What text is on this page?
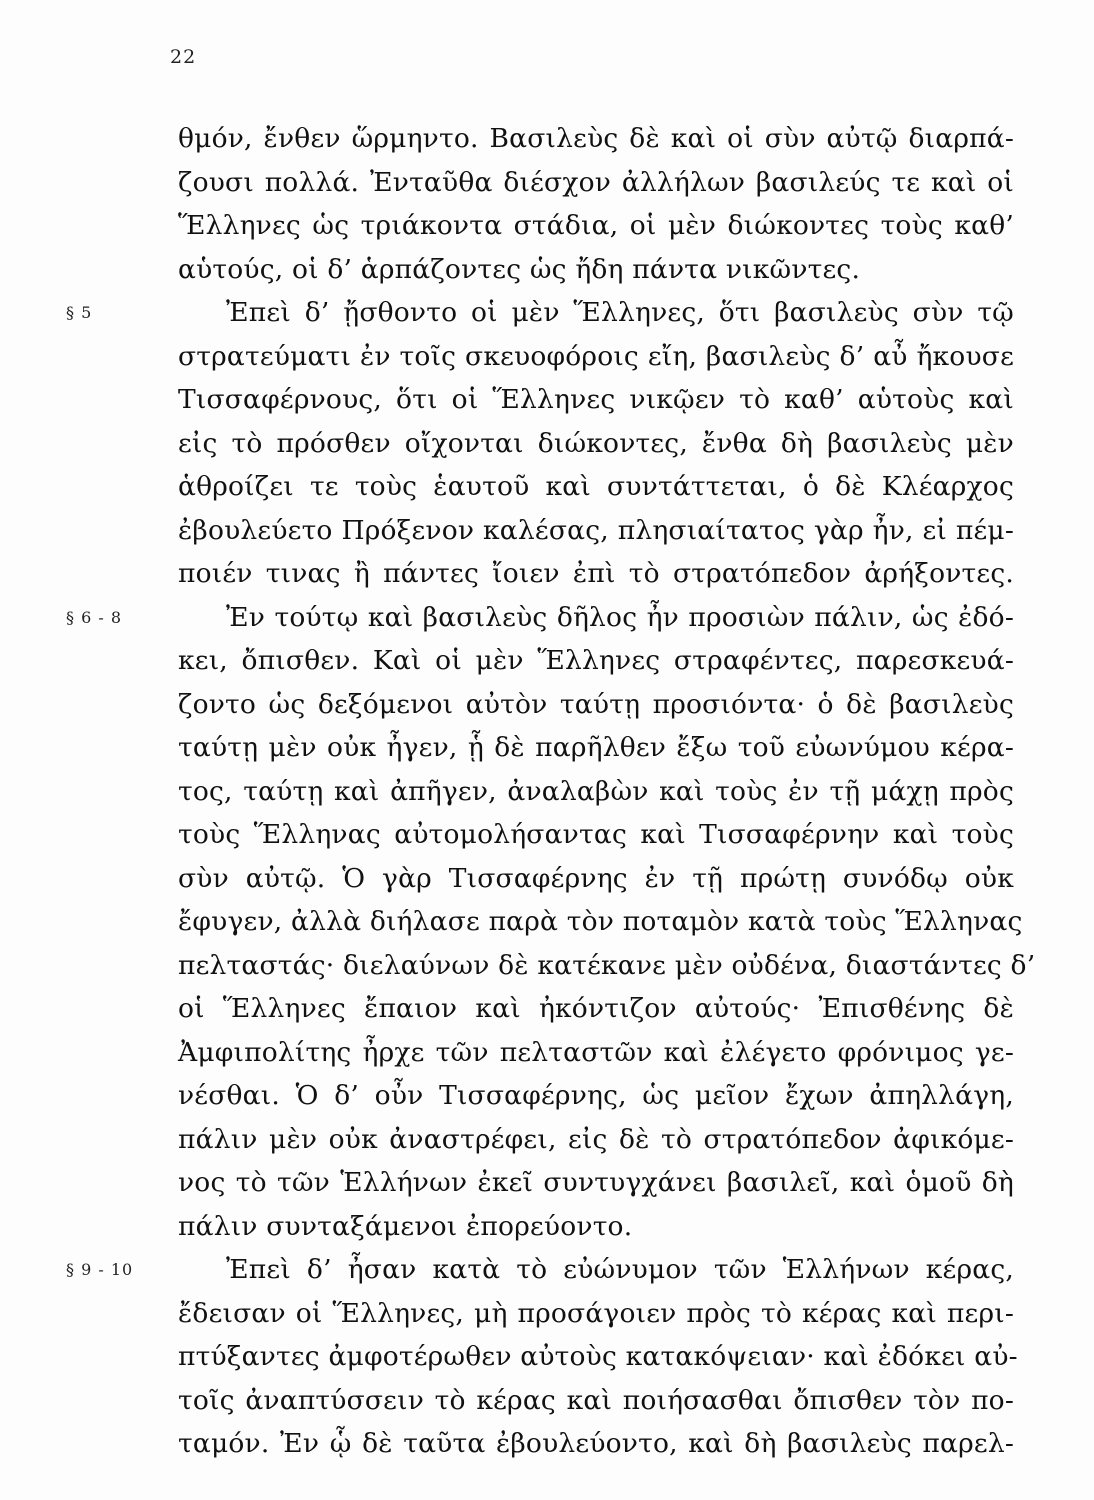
22
θμόν, ἔνθεν ὥρμηντο. Βασιλεὺς δὲ καὶ οἱ σὺν αὐτῷ διαρπά-
ζουσι πολλά. Ἐνταῦθα διέσχον ἀλλήλων βασιλεύς τε καὶ οἱ
Ἕλληνες ὡς τριάκοντα στάδια, οἱ μὲν διώκοντες τοὺς καθ’
αὑτούς, οἱ δ’ ἁρπάζοντες ὡς ἤδη πάντα νικῶντες.
Ἐπεὶ δ’ ᾔσθοντο οἱ μὲν Ἕλληνες, ὅτι βασιλεὺς σὺν τῷ
§ 5
στρατεύματι ἐν τοῖς σκευοφόροις εἴη, βασιλεὺς δ’ αὖ ἤκουσε
Τισσαφέρνους, ὅτι οἱ Ἕλληνες νικῷεν τὸ καθ’ αὑτοὺς καὶ
εἰς τὸ πρόσθεν οἴχονται διώκοντες, ἔνθα δὴ βασιλεὺς μὲν
ἁθροίζει τε τοὺς ἑαυτοῦ καὶ συντάττεται, ὁ δὲ Κλέαρχος
ἐβουλεύετο Πρόξενον καλέσας, πλησιαίτατος γὰρ ἦν, εἰ πέμ-
ποιέν τινας ἢ πάντες ἴοιεν ἐπὶ τὸ στρατόπεδον ἀρήξοντες.
Ἐν τούτῳ καὶ βασιλεὺς δῆλος ἦν προσιὼν πάλιν, ὡς ἐδό-
§ 6 - 8
κει, ὄπισθεν. Καὶ οἱ μὲν Ἕλληνες στραφέντες, παρεσκευά-
ζοντο ὡς δεξόμενοι αὐτὸν ταύτῃ προσιόντα· ὁ δὲ βασιλεὺς
ταύτῃ μὲν οὐκ ἦγεν, ᾗ δὲ παρῆλθεν ἔξω τοῦ εὐωνύμου κέρα-
τος, ταύτῃ καὶ ἀπῆγεν, ἀναλαβὼν καὶ τοὺς ἐν τῇ μάχῃ πρὸς
τοὺς Ἕλληνας αὐτομολήσαντας καὶ Τισσαφέρνην καὶ τοὺς
σὺν αὐτῷ. Ὁ γὰρ Τισσαφέρνης ἐν τῇ πρώτῃ συνόδῳ οὐκ
ἔφυγεν, ἀλλὰ διήλασε παρὰ τὸν ποταμὸν κατὰ τοὺς Ἕλληνας
πελταστάς· διελαύνων δὲ κατέκανε μὲν οὐδένα, διαστάντες δ’
οἱ Ἕλληνες ἔπαιον καὶ ἠκόντιζον αὐτούς· Ἐπισθένης δὲ
Ἀμφιπολίτης ἦρχε τῶν πελταστῶν καὶ ἐλέγετο φρόνιμος γε-
νέσθαι. Ὁ δ’ οὖν Τισσαφέρνης, ὡς μεῖον ἔχων ἀπηλλάγη,
πάλιν μὲν οὐκ ἀναστρέφει, εἰς δὲ τὸ στρατόπεδον ἀφικόμε-
νος τὸ τῶν Ἑλλήνων ἐκεῖ συντυγχάνει βασιλεῖ, καὶ ὁμοῦ δὴ
πάλιν συνταξάμενοι ἐπορεύοντο.
Ἐπεὶ δ’ ἦσαν κατὰ τὸ εὐώνυμον τῶν Ἑλλήνων κέρας,
§ 9 - 10
ἔδεισαν οἱ Ἕλληνες, μὴ προσάγοιεν πρὸς τὸ κέρας καὶ περι-
πτύξαντες ἀμφοτέρωθεν αὐτοὺς κατακόψειαν· καὶ ἐδόκει αὐ-
τοῖς ἀναπτύσσειν τὸ κέρας καὶ ποιήσασθαι ὄπισθεν τὸν πο-
ταμόν. Ἐν ᾧ δὲ ταῦτα ἐβουλεύοντο, καὶ δὴ βασιλεὺς παρελ-
